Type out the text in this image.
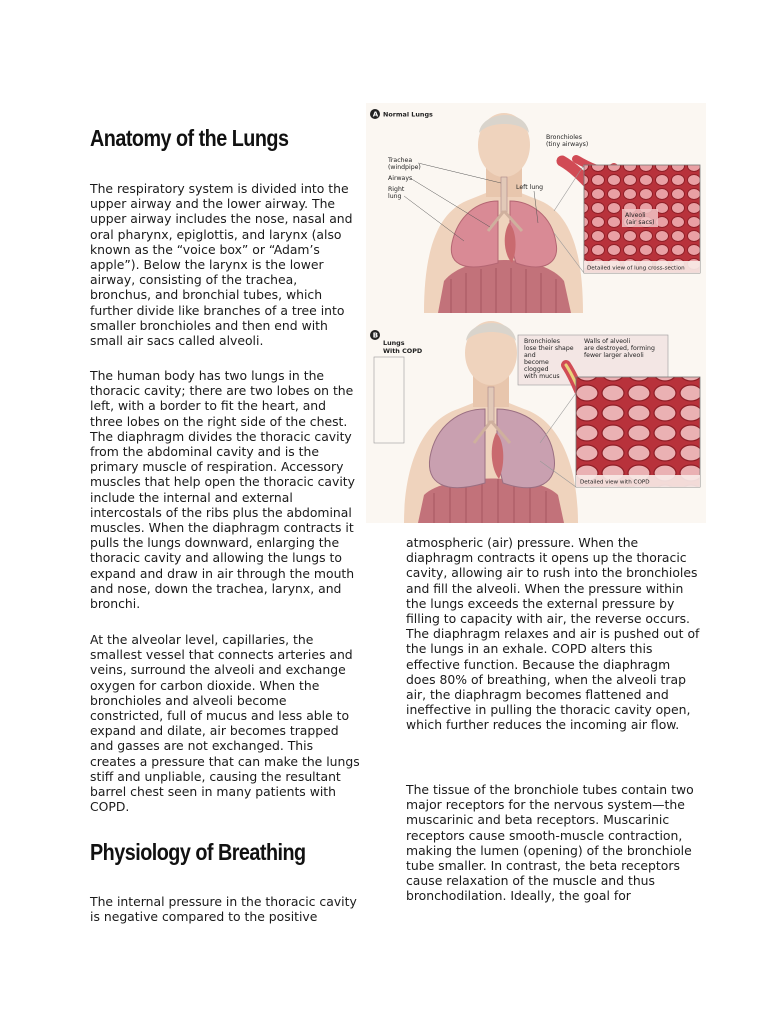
Anatomy of the Lungs

The respiratory system is divided into the upper airway and the lower airway. The upper airway includes the nose, nasal and oral pharynx, epiglottis, and larynx (also known as the “voice box” or “Adam’s apple”). Below the larynx is the lower airway, consisting of the trachea, bronchus, and bronchial tubes, which further divide like branches of a tree into smaller bronchioles and then end with small air sacs called alveoli.

The human body has two lungs in the thoracic cavity; there are two lobes on the left, with a border to fit the heart, and three lobes on the right side of the chest. The diaphragm divides the thoracic cavity from the abdominal cavity and is the primary muscle of respiration. Accessory muscles that help open the thoracic cavity include the internal and external intercostals of the ribs plus the abdominal muscles. When the diaphragm contracts it pulls the lungs downward, enlarging the thoracic cavity and allowing the lungs to expand and draw in air through the mouth and nose, down the trachea, larynx, and bronchi.

At the alveolar level, capillaries, the smallest vessel that connects arteries and veins, surround the alveoli and exchange oxygen for carbon dioxide. When the bronchioles and alveoli become constricted, full of mucus and less able to expand and dilate, air becomes trapped and gasses are not exchanged. This creates a pressure that can make the lungs stiff and unpliable, causing the resultant barrel chest seen in many patients with COPD.

Physiology of Breathing

The internal pressure in the thoracic cavity is negative compared to the positive

atmospheric (air) pressure. When the diaphragm contracts it opens up the thoracic cavity, allowing air to rush into the bronchioles and fill the alveoli. When the pressure within the lungs exceeds the external pressure by filling to capacity with air, the reverse occurs. The diaphragm relaxes and air is pushed out of the lungs in an exhale. COPD alters this effective function. Because the diaphragm does 80% of breathing, when the alveoli trap air, the diaphragm becomes flattened and ineffective in pulling the thoracic cavity open, which further reduces the incoming air flow.

The tissue of the bronchiole tubes contain two major receptors for the nervous system—the muscarinic and beta receptors. Muscarinic receptors cause smooth-muscle contraction, making the lumen (opening) of the bronchiole tube smaller. In contrast, the beta receptors cause relaxation of the muscle and thus bronchodilation. Ideally, the goal for

A Normal Lungs
Trachea
(windpipe)
Airways
Right
lung
Left lung
Bronchioles
(tiny airways)
Detailed view of lung cross-section
Alveoli
(air sacs)
B
Lungs
With COPD
Bronchioles
lose their shape
and
become
clogged
with mucus
Walls of alveoli
are destroyed, forming
fewer larger alveoli
Detailed view with COPD
